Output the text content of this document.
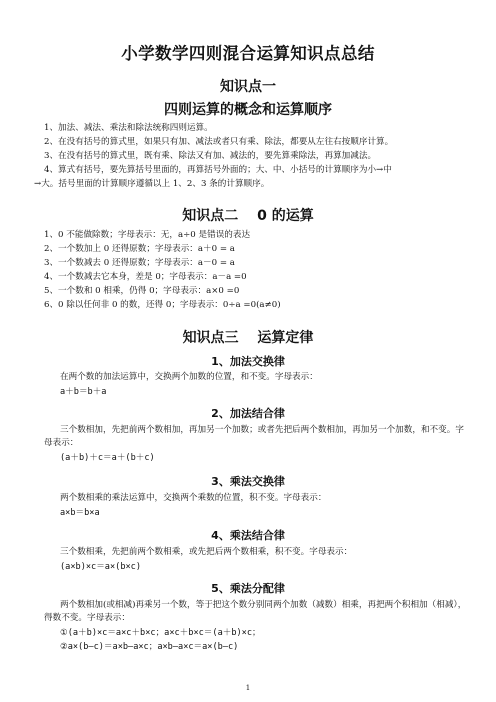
小学数学四则混合运算知识点总结
知识点一
四则运算的概念和运算顺序
1、加法、减法、乘法和除法统称四则运算。
2、在没有括号的算式里，如果只有加、减法或者只有乘、除法，都要从左往右按顺序计算。
3、在没有括号的算式里，既有乘、除法又有加、减法的，要先算乘除法，再算加减法。
4、算式有括号，要先算括号里面的，再算括号外面的；大、中、小括号的计算顺序为小→中
→大。括号里面的计算顺序遵循以上 1、2、3 条的计算顺序。
知识点二　 0 的运算
1、0 不能做除数；字母表示：无，a÷0 是错误的表达
2、一个数加上 0 还得原数；字母表示：a＋0 = a
3、一个数减去 0 还得原数；字母表示：a－0 = a
4、一个数减去它本身，差是 0；字母表示：a－a =0
5、一个数和 0 相乘，仍得 0；字母表示：a×0 =0
6、0 除以任何非 0 的数，还得 0；字母表示：0÷a =0(a≠0)
知识点三　 运算定律
1、加法交换律
在两个数的加法运算中，交换两个加数的位置，和不变。字母表示：
a＋b＝b＋a
2、加法结合律
三个数相加，先把前两个数相加，再加另一个加数；或者先把后两个数相加，再加另一个加数，和不变。字母表示：
(a＋b)＋c＝a＋(b＋c)
3、乘法交换律
两个数相乘的乘法运算中，交换两个乘数的位置，积不变。字母表示：
a×b＝b×a
4、乘法结合律
三个数相乘，先把前两个数相乘，或先把后两个数相乘，积不变。字母表示：
(a×b)×c＝a×(b×c)
5、乘法分配律
两个数相加(或相减)再乘另一个数，等于把这个数分别同两个加数（减数）相乘，再把两个积相加（相减），得数不变。字母表示：
①(a＋b)×c＝a×c＋b×c；a×c＋b×c＝(a＋b)×c；
②a×(b—c)＝a×b—a×c；a×b—a×c＝a×(b—c)
1
